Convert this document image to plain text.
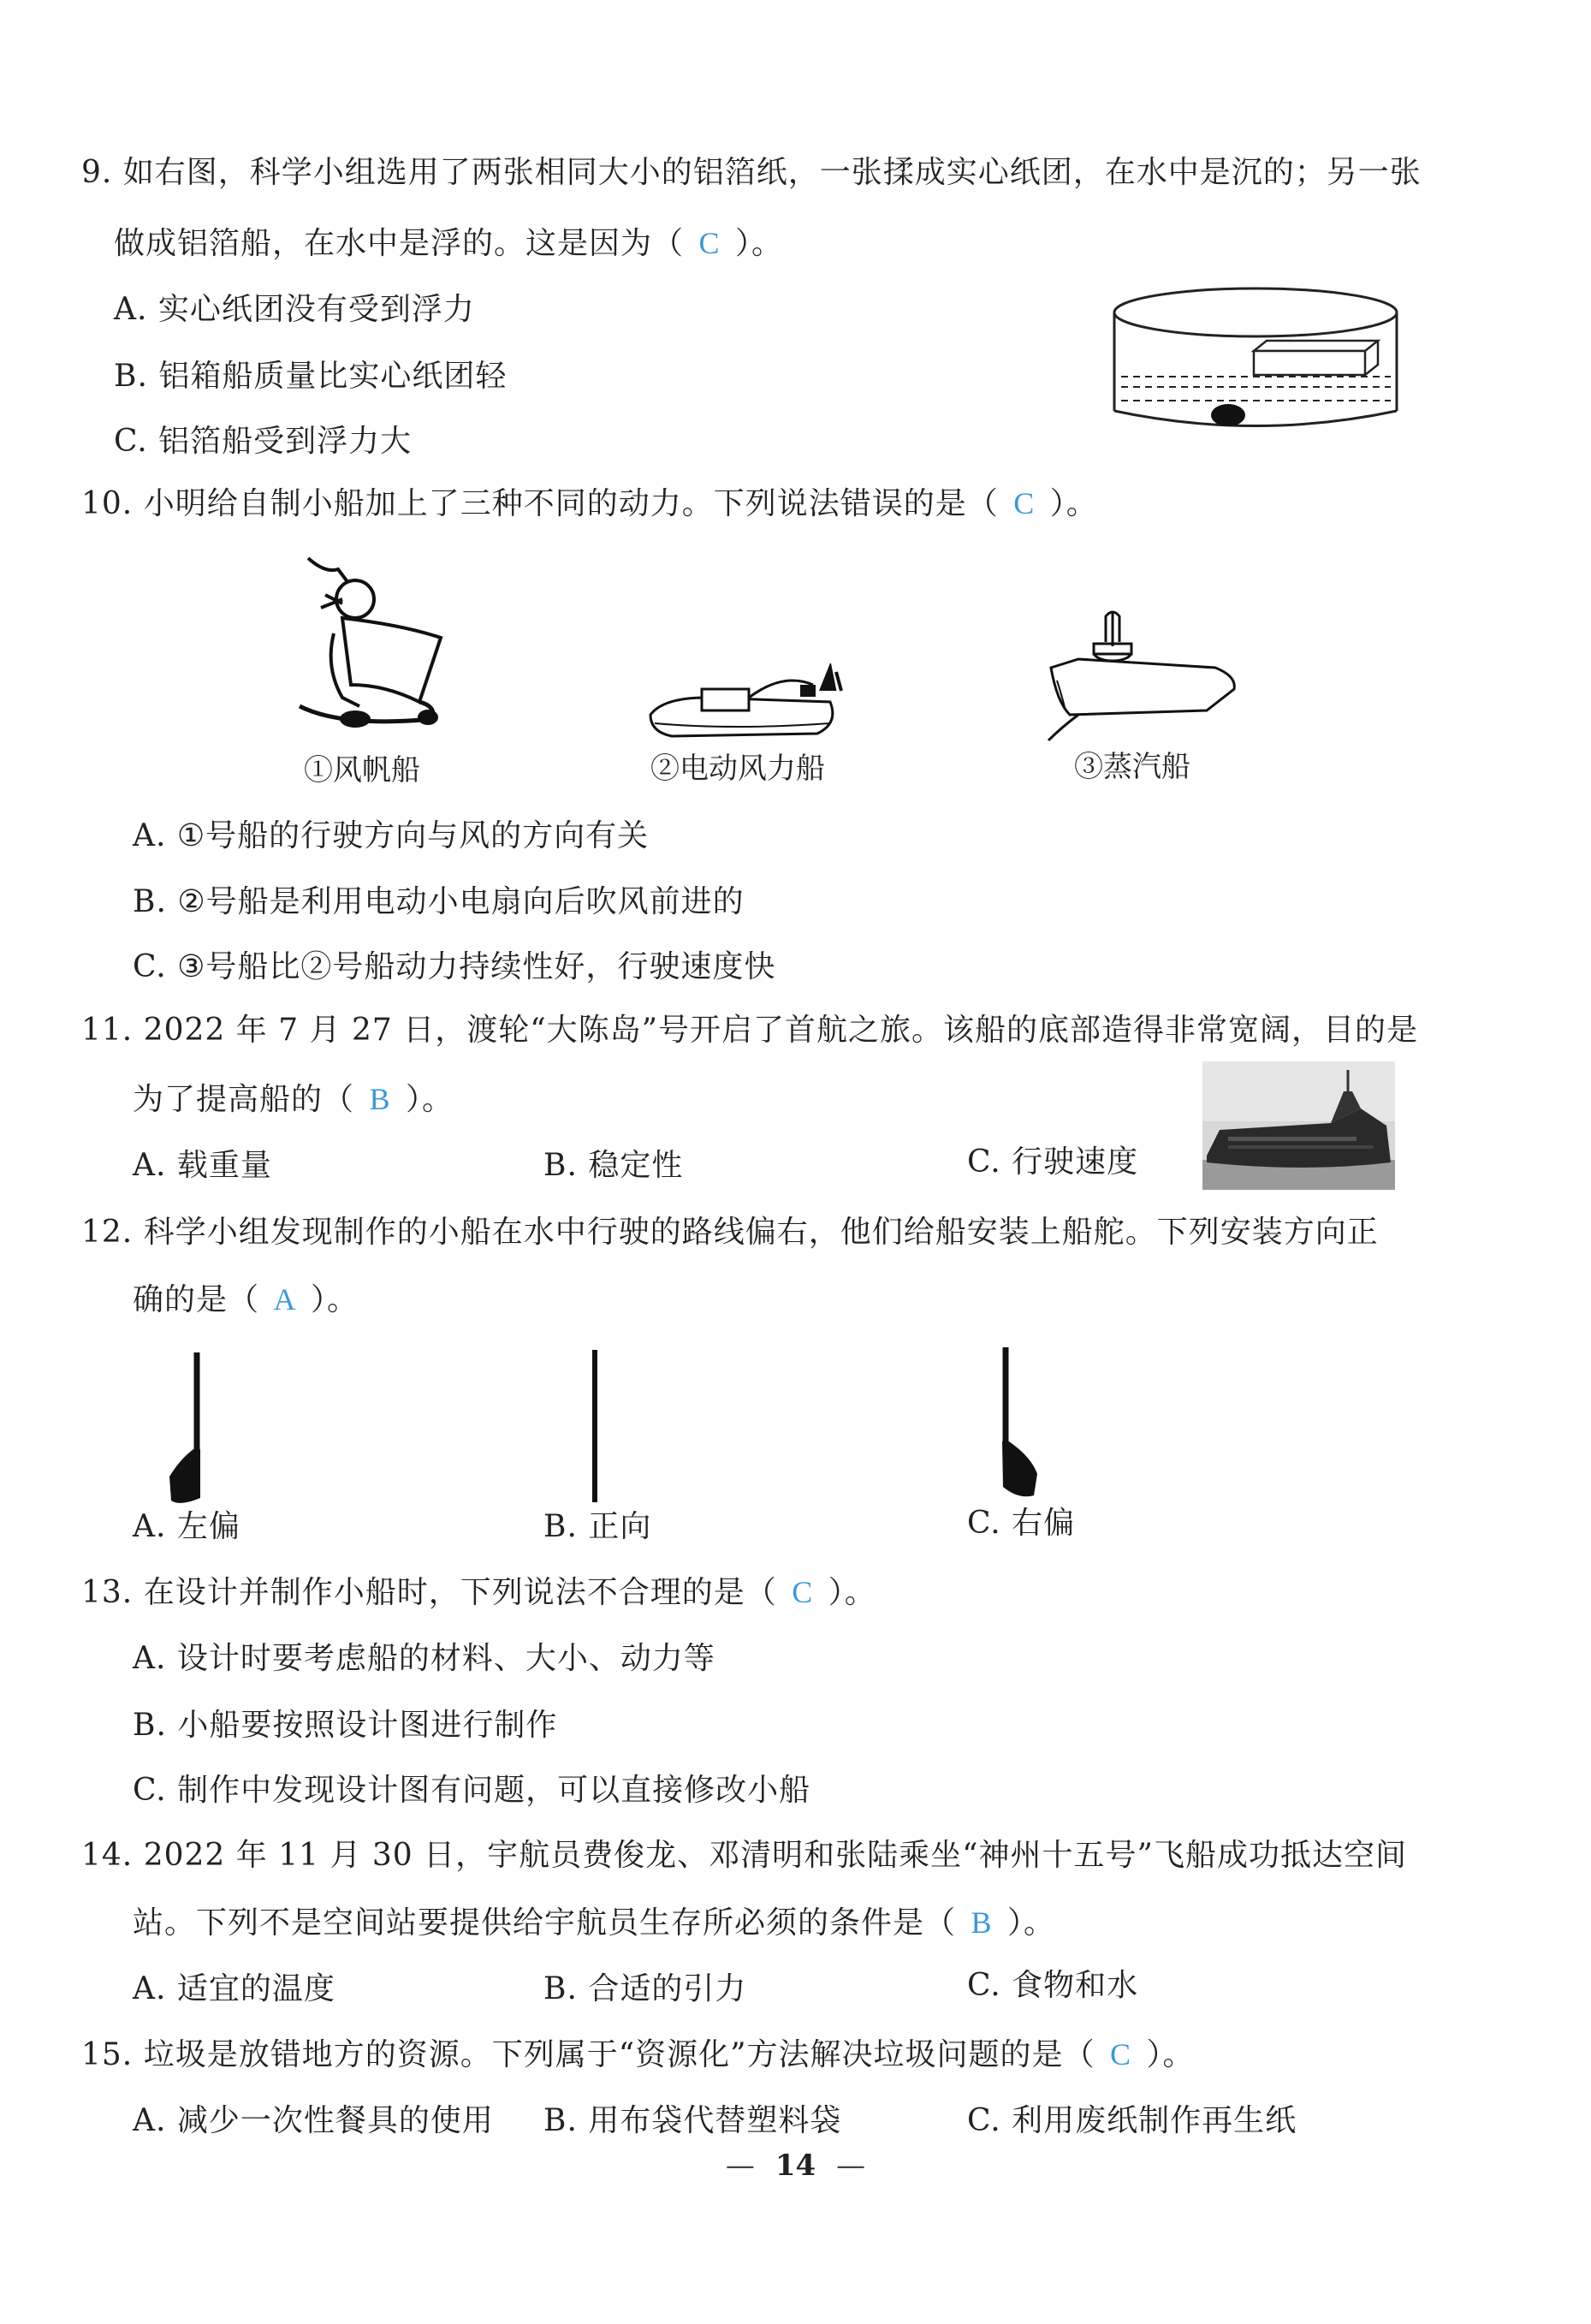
9. 如右图，科学小组选用了两张相同大小的铝箔纸，一张揉成实心纸团，在水中是沉的；另一张
做成铝箔船，在水中是浮的。这是因为（ C ）。
A. 实心纸团没有受到浮力
B. 铝箱船质量比实心纸团轻
C. 铝箔船受到浮力大
10. 小明给自制小船加上了三种不同的动力。下列说法错误的是（ C ）。
①风帆船	②电动风力船	③蒸汽船
A. ①号船的行驶方向与风的方向有关
B. ②号船是利用电动小电扇向后吹风前进的
C. ③号船比②号船动力持续性好，行驶速度快
11. 2022 年 7 月 27 日，渡轮“大陈岛”号开启了首航之旅。该船的底部造得非常宽阔，目的是
为了提高船的（ B ）。
A. 载重量	B. 稳定性	C. 行驶速度
12. 科学小组发现制作的小船在水中行驶的路线偏右，他们给船安装上船舵。下列安装方向正
确的是（ A ）。
A. 左偏	B. 正向	C. 右偏
13. 在设计并制作小船时，下列说法不合理的是（ C ）。
A. 设计时要考虑船的材料、大小、动力等
B. 小船要按照设计图进行制作
C. 制作中发现设计图有问题，可以直接修改小船
14. 2022 年 11 月 30 日，宇航员费俊龙、邓清明和张陆乘坐“神州十五号”飞船成功抵达空间
站。下列不是空间站要提供给宇航员生存所必须的条件是（ B ）。
A. 适宜的温度	B. 合适的引力	C. 食物和水
15. 垃圾是放错地方的资源。下列属于“资源化”方法解决垃圾问题的是（ C ）。
A. 减少一次性餐具的使用 B. 用布袋代替塑料袋	C. 利用废纸制作再生纸
— 14 —
